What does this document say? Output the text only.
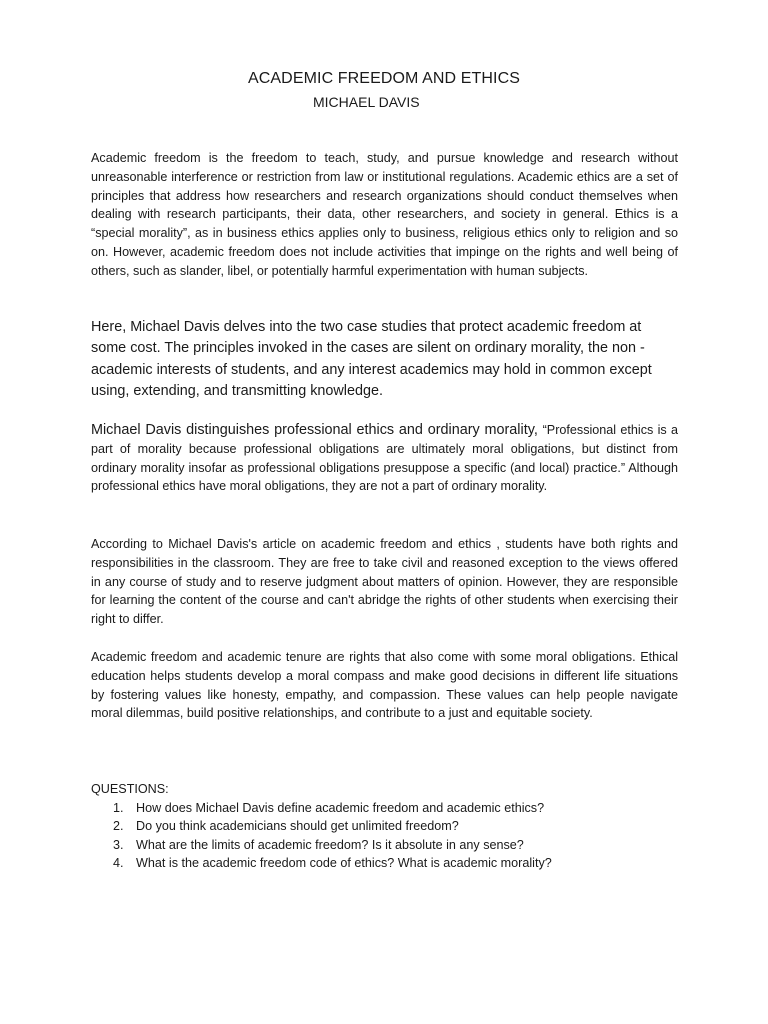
ACADEMIC FREEDOM AND ETHICS
MICHAEL DAVIS

Academic freedom is the freedom to teach, study, and pursue knowledge and research without unreasonable interference or restriction from law or institutional regulations. Academic ethics are a set of principles that address how researchers and research organizations should conduct themselves when dealing with research participants, their data, other researchers, and society in general. Ethics is a “special morality”, as in business ethics applies only to business, religious ethics only to religion and so on. However, academic freedom does not include activities that impinge on the rights and well being of others, such as slander, libel, or potentially harmful experimentation with human subjects.

Here, Michael Davis delves into the two case studies that protect academic freedom at some cost. The principles invoked in the cases are silent on ordinary morality, the non - academic interests of students, and any interest academics may hold in common except using, extending, and transmitting knowledge.

Michael Davis distinguishes professional ethics and ordinary morality, “Professional ethics is a part of morality because professional obligations are ultimately moral obligations, but distinct from ordinary morality insofar as professional obligations presuppose a specific (and local) practice.” Although professional ethics have moral obligations, they are not a part of ordinary morality.

According to Michael Davis's article on academic freedom and ethics , students have both rights and responsibilities in the classroom. They are free to take civil and reasoned exception to the views offered in any course of study and to reserve judgment about matters of opinion. However, they are responsible for learning the content of the course and can't abridge the rights of other students when exercising their right to differ.

Academic freedom and academic tenure are rights that also come with some moral obligations. Ethical education helps students develop a moral compass and make good decisions in different life situations by fostering values like honesty, empathy, and compassion. These values can help people navigate moral dilemmas, build positive relationships, and contribute to a just and equitable society.

QUESTIONS:

1. How does Michael Davis define academic freedom and academic ethics?
2. Do you think academicians should get unlimited freedom?
3. What are the limits of academic freedom? Is it absolute in any sense?
4. What is the academic freedom code of ethics? What is academic morality?
